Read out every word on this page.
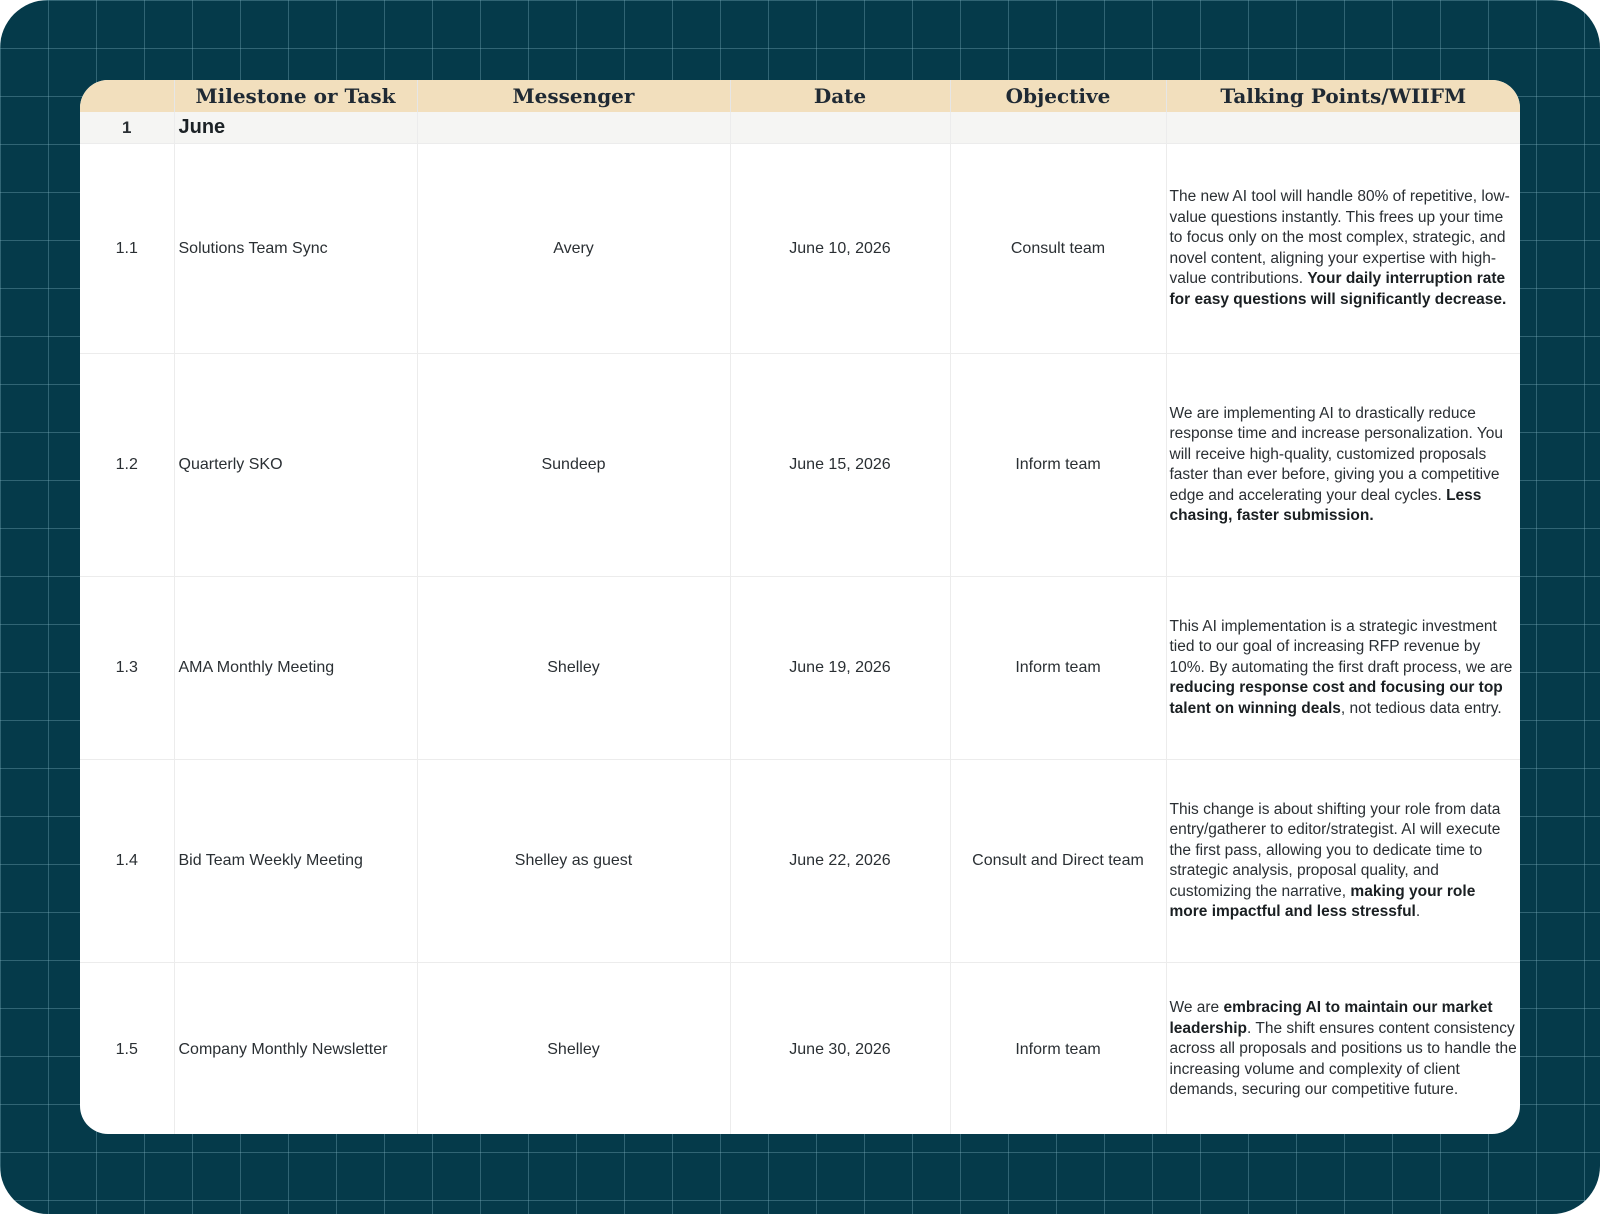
	Milestone or Task	Messenger	Date	Objective	Talking Points/WIIFM
1	June				
1.1	Solutions Team Sync	Avery	June 10, 2026	Consult team	The new AI tool will handle 80% of repetitive, low-value questions instantly. This frees up your time to focus only on the most complex, strategic, and novel content, aligning your expertise with high-value contributions. Your daily interruption rate for easy questions will significantly decrease.
1.2	Quarterly SKO	Sundeep	June 15, 2026	Inform team	We are implementing AI to drastically reduce response time and increase personalization. You will receive high-quality, customized proposals faster than ever before, giving you a competitive edge and accelerating your deal cycles. Less chasing, faster submission.
1.3	AMA Monthly Meeting	Shelley	June 19, 2026	Inform team	This AI implementation is a strategic investment tied to our goal of increasing RFP revenue by 10%. By automating the first draft process, we are reducing response cost and focusing our top talent on winning deals, not tedious data entry.
1.4	Bid Team Weekly Meeting	Shelley as guest	June 22, 2026	Consult and Direct team	This change is about shifting your role from data entry/gatherer to editor/strategist. AI will execute the first pass, allowing you to dedicate time to strategic analysis, proposal quality, and customizing the narrative, making your role more impactful and less stressful.
1.5	Company Monthly Newsletter	Shelley	June 30, 2026	Inform team	We are embracing AI to maintain our market leadership. The shift ensures content consistency across all proposals and positions us to handle the increasing volume and complexity of client demands, securing our competitive future.
